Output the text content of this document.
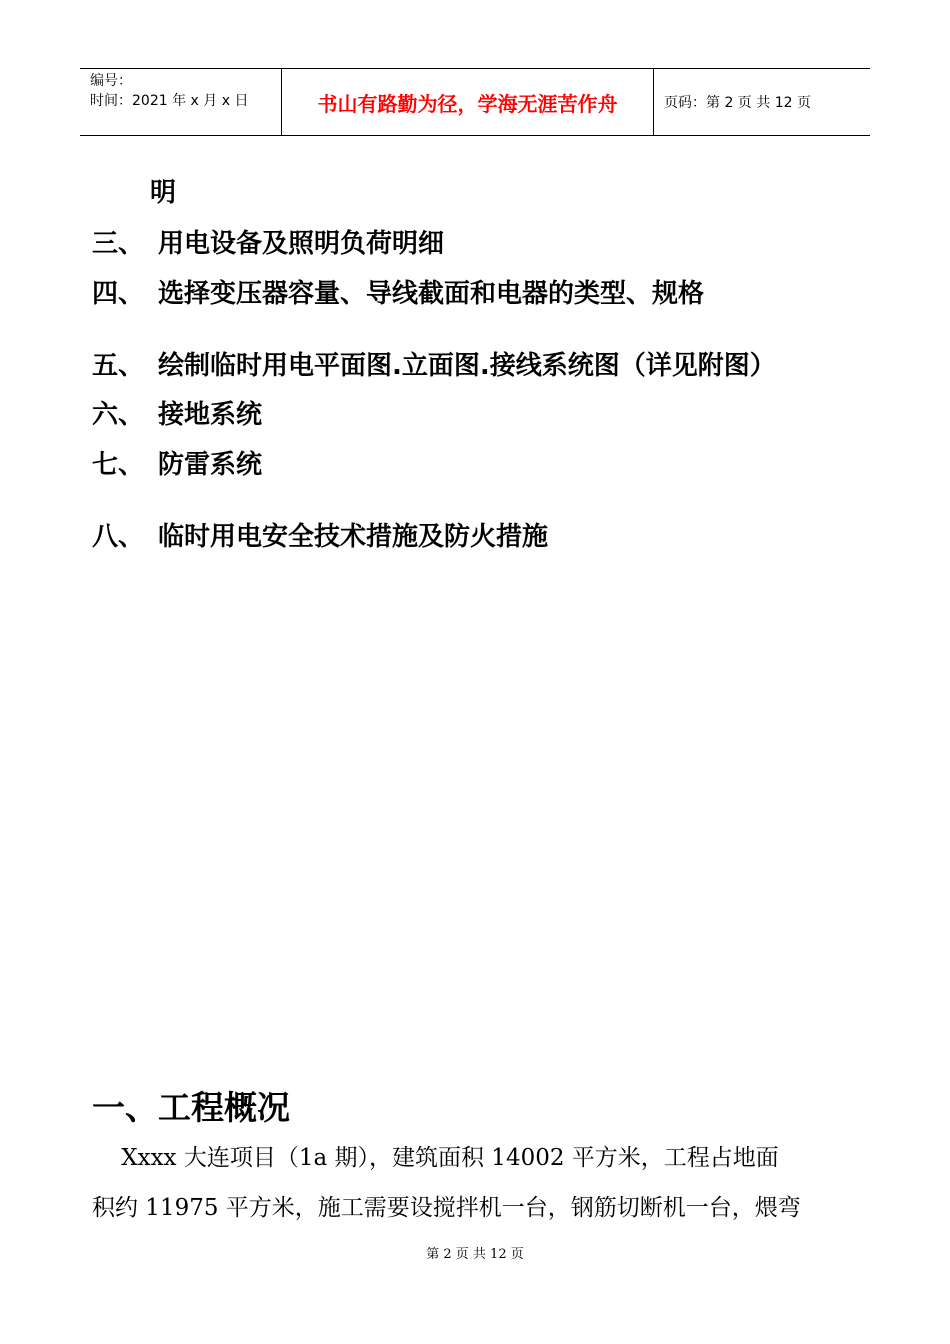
编号：
时间：2021 年 x 月 x 日	书山有路勤为径，学海无涯苦作舟	页码：第 2 页 共 12 页
明
三、 用电设备及照明负荷明细
四、 选择变压器容量、导线截面和电器的类型、规格
五、 绘制临时用电平面图.立面图.接线系统图（详见附图）
六、 接地系统
七、 防雷系统
八、 临时用电安全技术措施及防火措施
一、工程概况
Xxxx 大连项目（1a 期），建筑面积 14002 平方米，工程占地面
积约 11975 平方米，施工需要设搅拌机一台，钢筋切断机一台，煨弯
第 2 页 共 12 页
